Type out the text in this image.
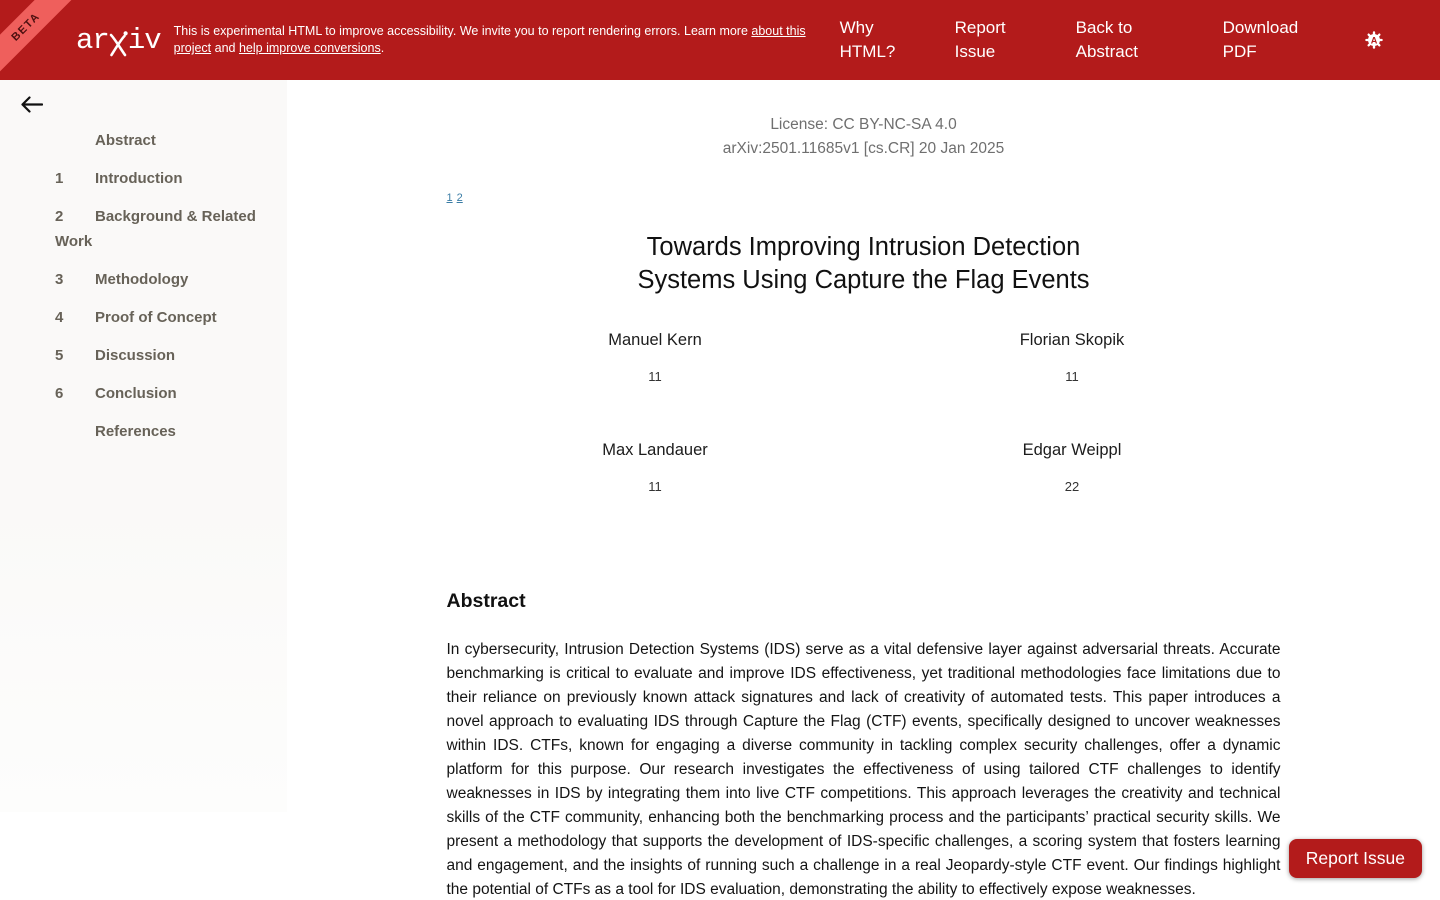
BETA ar iv This is experimental HTML to improve accessibility. We invite you to report rendering errors. Learn more about this project and help improve conversions.

Why HTML?
Report Issue
Back to Abstract
Download PDF
A
Abstract
1 Introduction
2 Background & Related Work
3 Methodology
4 Proof of Concept
5 Discussion
6 Conclusion
References
License: CC BY-NC-SA 4.0
arXiv:2501.11685v1 [cs.CR] 20 Jan 2025
1 2
Towards Improving Intrusion Detection Systems Using Capture the Flag Events
Manuel Kern
11
Florian Skopik
11
Max Landauer
11
Edgar Weippl
22
Abstract

In cybersecurity, Intrusion Detection Systems (IDS) serve as a vital defensive layer against adversarial threats. Accurate benchmarking is critical to evaluate and improve IDS effectiveness, yet traditional methodologies face limitations due to their reliance on previously known attack signatures and lack of creativity of automated tests. This paper introduces a novel approach to evaluating IDS through Capture the Flag (CTF) events, specifically designed to uncover weaknesses within IDS. CTFs, known for engaging a diverse community in tackling complex security challenges, offer a dynamic platform for this purpose. Our research investigates the effectiveness of using tailored CTF challenges to identify weaknesses in IDS by integrating them into live CTF competitions. This approach leverages the creativity and technical skills of the CTF community, enhancing both the benchmarking process and the participants’ practical security skills. We present a methodology that supports the development of IDS-specific challenges, a scoring system that fosters learning and engagement, and the insights of running such a challenge in a real Jeopardy-style CTF event. Our findings highlight the potential of CTFs as a tool for IDS evaluation, demonstrating the ability to effectively expose weaknesses.

Report Issue
